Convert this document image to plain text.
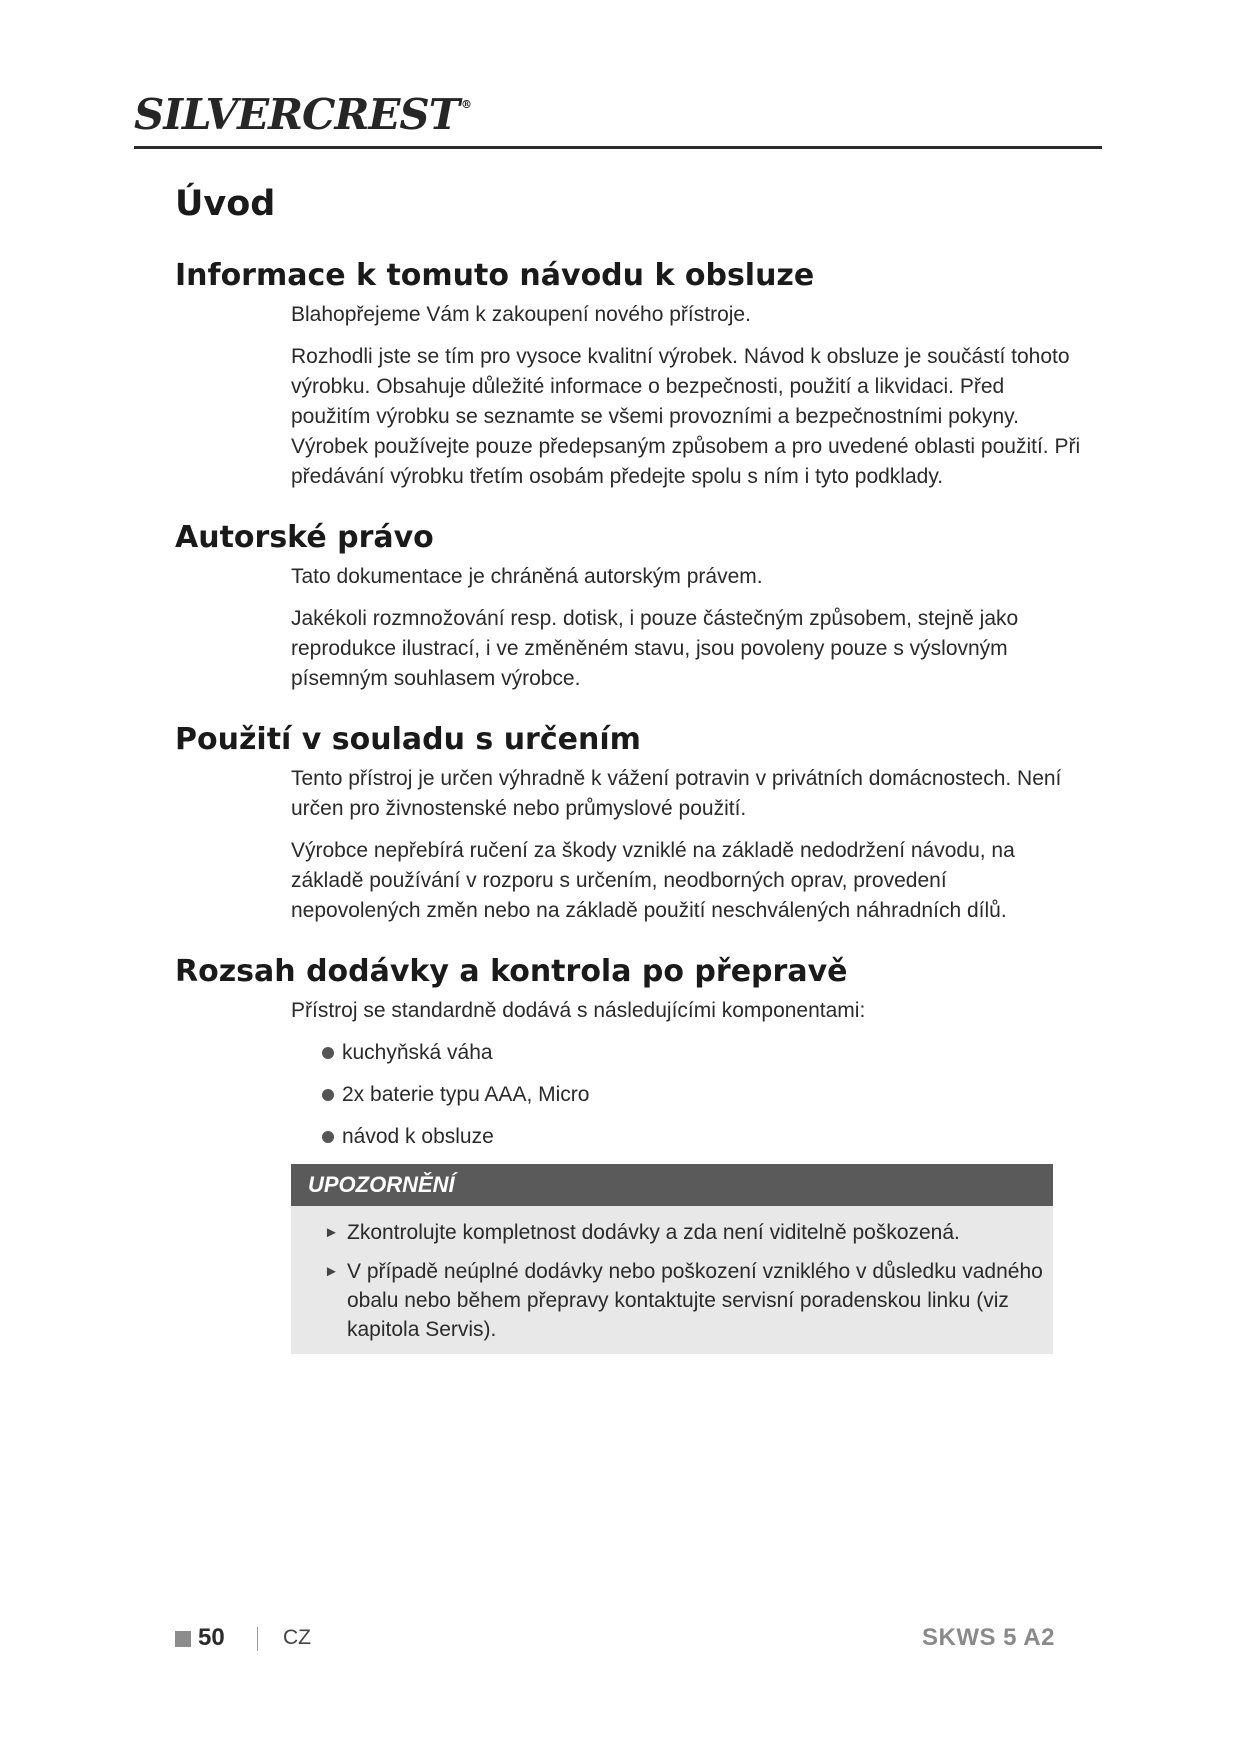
SILVERCREST ®
Úvod
Informace k tomuto návodu k obsluze

Blahopřejeme Vám k zakoupení nového přístroje.

Rozhodli jste se tím pro vysoce kvalitní výrobek. Návod k obsluze je součástí tohoto výrobku. Obsahuje důležité informace o bezpečnosti, použití a likvidaci. Před použitím výrobku se seznamte se všemi provozními a bezpečnostními pokyny. Výrobek používejte pouze předepsaným způsobem a pro uvedené oblasti použití. Při předávání výrobku třetím osobám předejte spolu s ním i tyto podklady.

Autorské právo

Tato dokumentace je chráněná autorským právem.

Jakékoli rozmnožování resp. dotisk, i pouze částečným způsobem, stejně jako reprodukce ilustrací, i ve změněném stavu, jsou povoleny pouze s výslovným písemným souhlasem výrobce.

Použití v souladu s určením

Tento přístroj je určen výhradně k vážení potravin v privátních domácnostech. Není určen pro živnostenské nebo průmyslové použití.

Výrobce nepřebírá ručení za škody vzniklé na základě nedodržení návodu, na základě používání v rozporu s určením, neodborných oprav, provedení nepovolených změn nebo na základě použití neschválených náhradních dílů.

Rozsah dodávky a kontrola po přepravě

Přístroj se standardně dodává s následujícími komponentami:

kuchyňská váha
2x baterie typu AAA, Micro
návod k obsluze
UPOZORNĚNÍ
► Zkontrolujte kompletnost dodávky a zda není viditelně poškozená.
► V případě neúplné dodávky nebo poškození vzniklého v důsledku vadného obalu nebo během přepravy kontaktujte servisní poradenskou linku (viz kapitola Servis).
50	CZ	SKWS 5 A2
